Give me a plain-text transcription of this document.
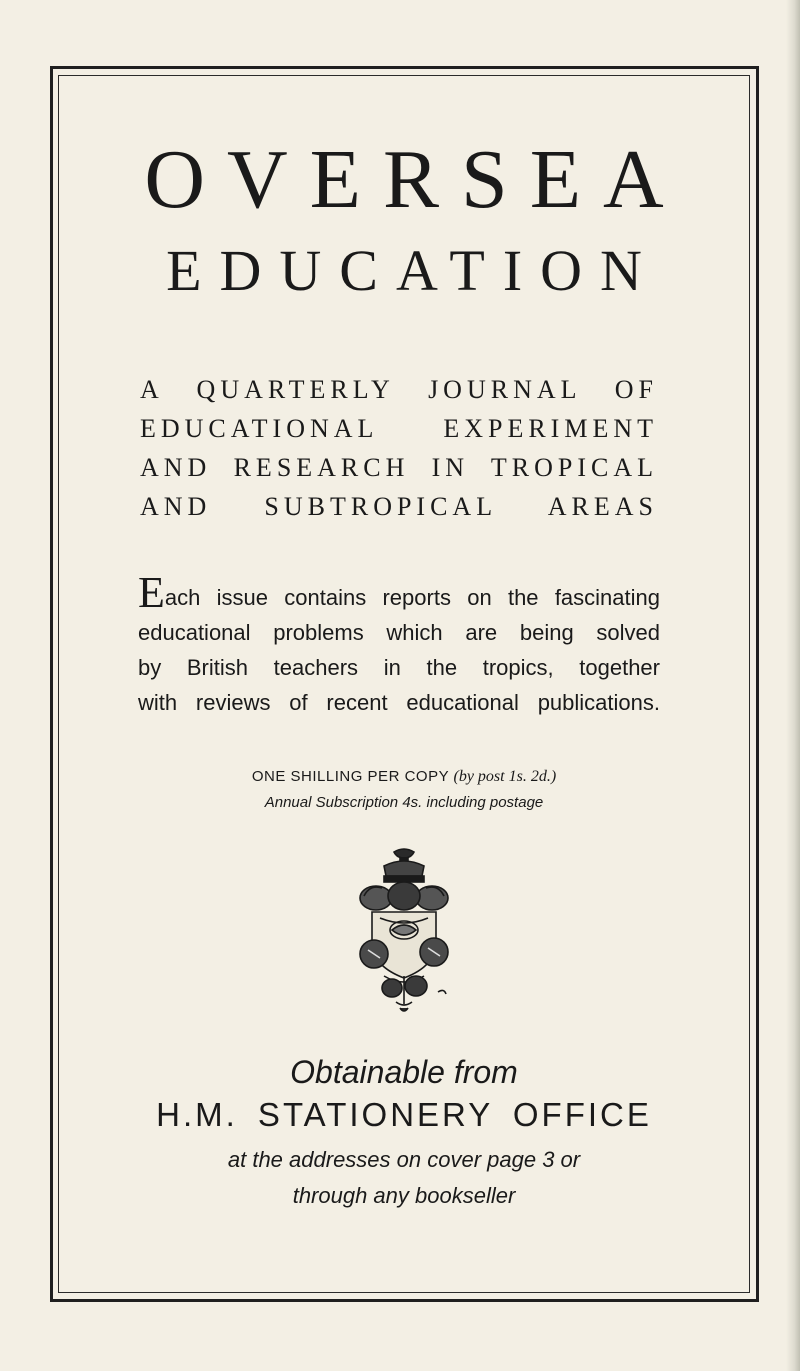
OVERSEA
EDUCATION
A QUARTERLY JOURNAL OF
EDUCATIONAL EXPERIMENT
AND RESEARCH IN TROPICAL
AND SUBTROPICAL AREAS
Each issue contains reports on the fascinating
educational problems which are being solved
by British teachers in the tropics, together
with reviews of recent educational publications.
ONE SHILLING PER COPY (by post 1s. 2d.)
Annual Subscription 4s. including postage
Obtainable from
H.M. STATIONERY OFFICE
at the addresses on cover page 3 or
through any bookseller
